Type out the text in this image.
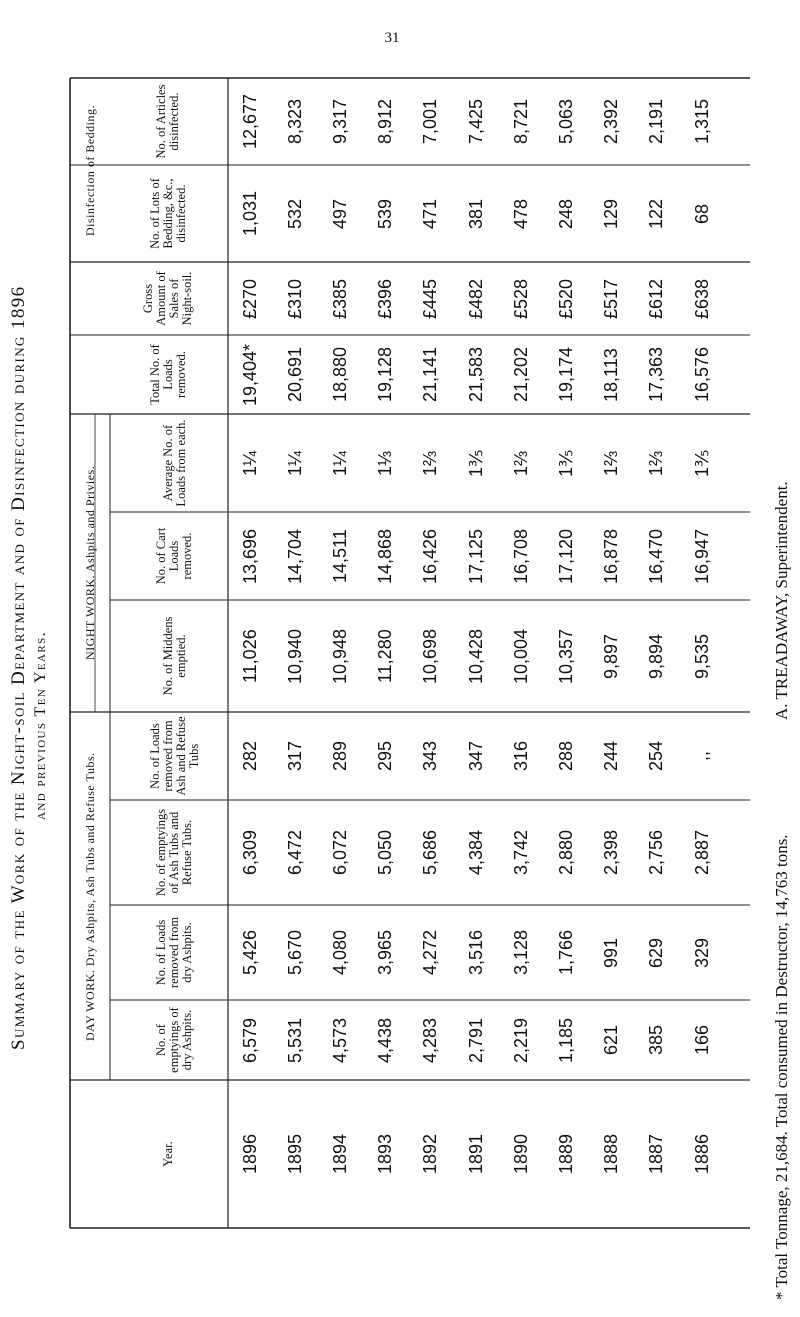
31
Summary of the Work of the Night-soil Department and of Disinfection during 1896 and previous Ten Years.
Year.
No. of emptyings of dry Ashpits.
No. of Loads removed from dry Ashpits.
No. of emptyings of Ash Tubs and Refuse Tubs.
No. of Loads removed from Ash and Refuse Tubs
No. of Middens emptied.
No. of Cart Loads removed.
Average No. of Loads from each.
Total No. of Loads removed.
Gross Amount of Sales of Night-soil.
No. of Lots of Bedding, &c., disinfected.
No. of Articles disinfected.
DAY WORK. Dry Ashpits, Ash Tubs and Refuse Tubs.
NIGHT WORK. Ashpits and Privies.
Disinfection of Bedding.
1896
6,579
5,426
6,309
282
11,026
13,696
1¼
19,404*
£270
1,031
12,677
1895
5,531
5,670
6,472
317
10,940
14,704
1¼
20,691
£310
532
8,323
1894
4,573
4,080
6,072
289
10,948
14,511
1¼
18,880
£385
497
9,317
1893
4,438
3,965
5,050
295
11,280
14,868
1⅓
19,128
£396
539
8,912
1892
4,283
4,272
5,686
343
10,698
16,426
1⅔
21,141
£445
471
7,001
1891
2,791
3,516
4,384
347
10,428
17,125
1⅗
21,583
£482
381
7,425
1890
2,219
3,128
3,742
316
10,004
16,708
1⅔
21,202
£528
478
8,721
1889
1,185
1,766
2,880
288
10,357
17,120
1⅗
19,174
£520
248
5,063
1888
621
991
2,398
244
9,897
16,878
1⅔
18,113
£517
129
2,392
1887
385
629
2,756
254
9,894
16,470
1⅔
17,363
£612
122
2,191
1886
166
329
2,887
,,
9,535
16,947
1⅗
16,576
£638
68
1,315
* Total Tonnage, 21,684. Total consumed in Destructor, 14,763 tons.
A. TREADAWAY, Superintendent.
